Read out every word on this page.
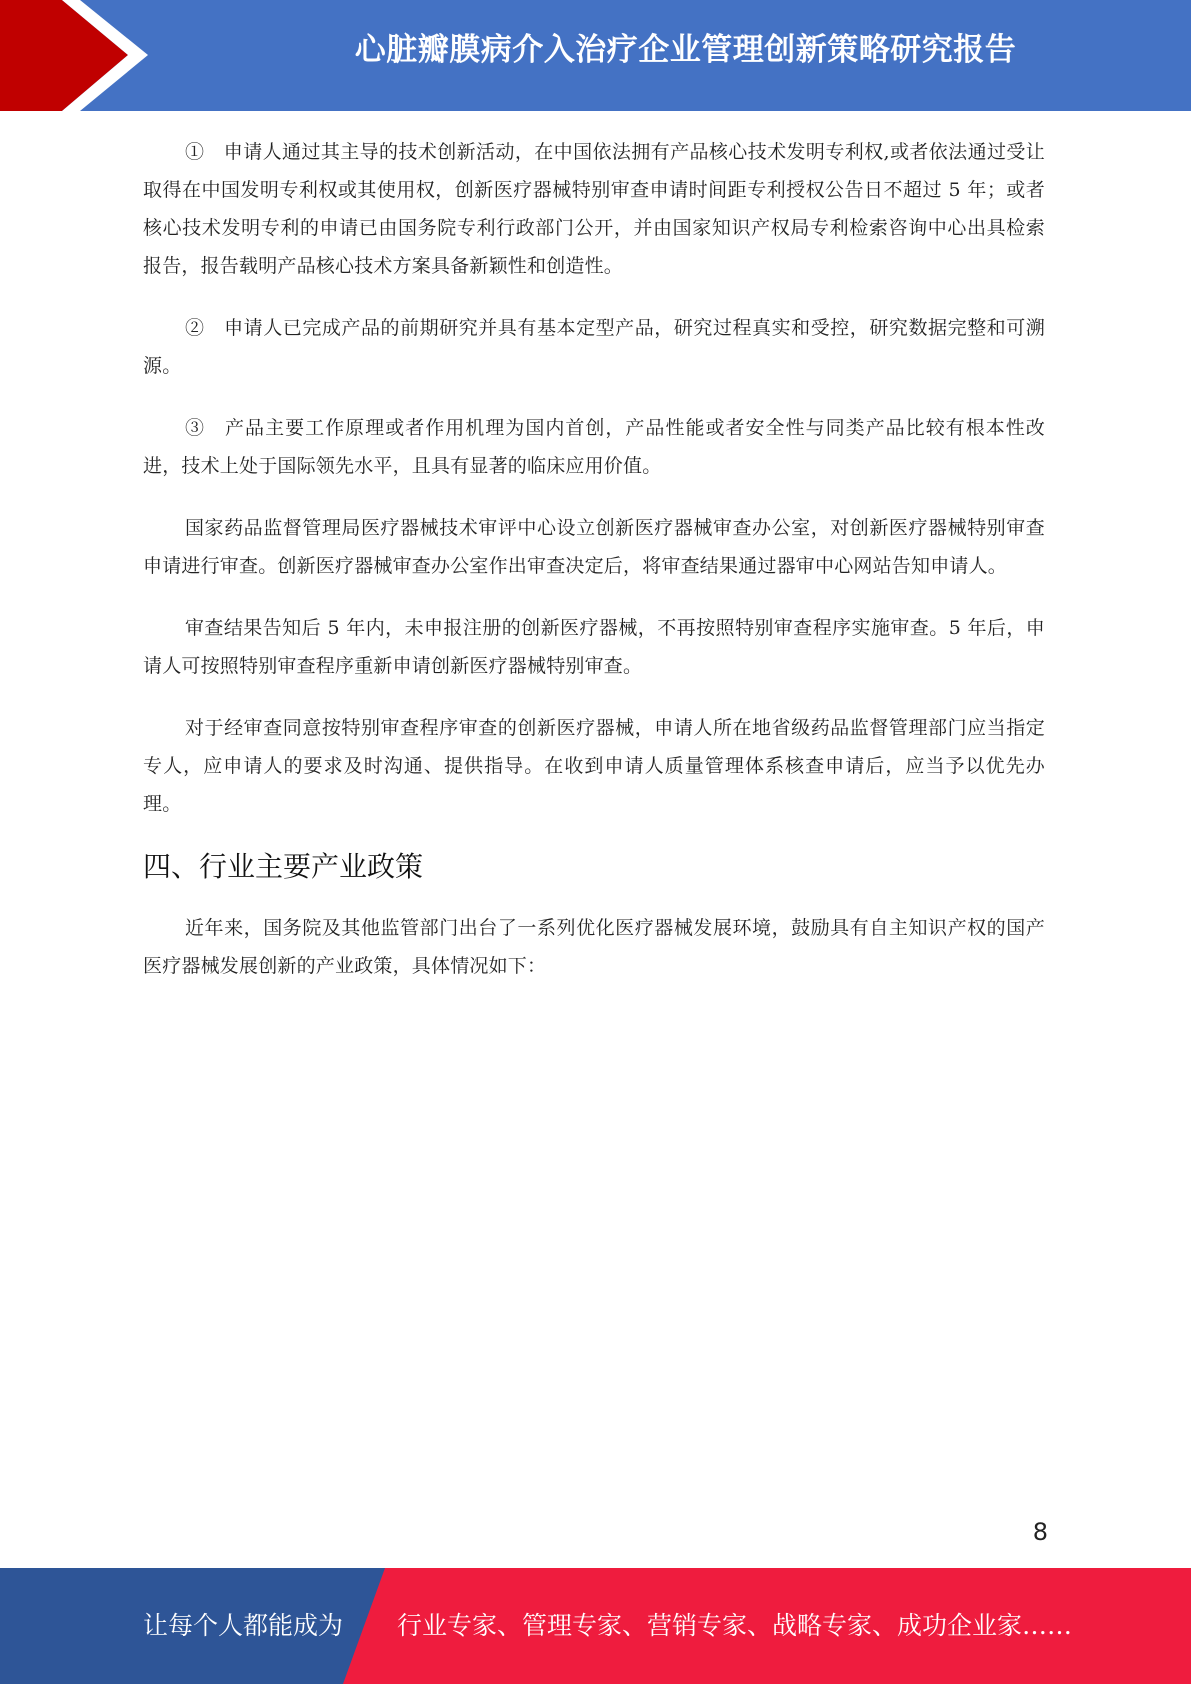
心脏瓣膜病介入治疗企业管理创新策略研究报告

①　申请人通过其主导的技术创新活动，在中国依法拥有产品核心技术发明专利权,或者依法通过受让取得在中国发明专利权或其使用权，创新医疗器械特别审查申请时间距专利授权公告日不超过 5 年；或者核心技术发明专利的申请已由国务院专利行政部门公开，并由国家知识产权局专利检索咨询中心出具检索报告，报告载明产品核心技术方案具备新颖性和创造性。

②　申请人已完成产品的前期研究并具有基本定型产品，研究过程真实和受控，研究数据完整和可溯源。

③　产品主要工作原理或者作用机理为国内首创，产品性能或者安全性与同类产品比较有根本性改进，技术上处于国际领先水平，且具有显著的临床应用价值。

国家药品监督管理局医疗器械技术审评中心设立创新医疗器械审查办公室，对创新医疗器械特别审查申请进行审查。创新医疗器械审查办公室作出审查决定后，将审查结果通过器审中心网站告知申请人。

审查结果告知后 5 年内，未申报注册的创新医疗器械，不再按照特别审查程序实施审查。5 年后，申请人可按照特别审查程序重新申请创新医疗器械特别审查。

对于经审查同意按特别审查程序审查的创新医疗器械，申请人所在地省级药品监督管理部门应当指定专人，应申请人的要求及时沟通、提供指导。在收到申请人质量管理体系核查申请后，应当予以优先办理。

四、行业主要产业政策

近年来，国务院及其他监管部门出台了一系列优化医疗器械发展环境，鼓励具有自主知识产权的国产医疗器械发展创新的产业政策，具体情况如下：

8
让每个人都能成为 行业专家、管理专家、营销专家、战略专家、成功企业家……
